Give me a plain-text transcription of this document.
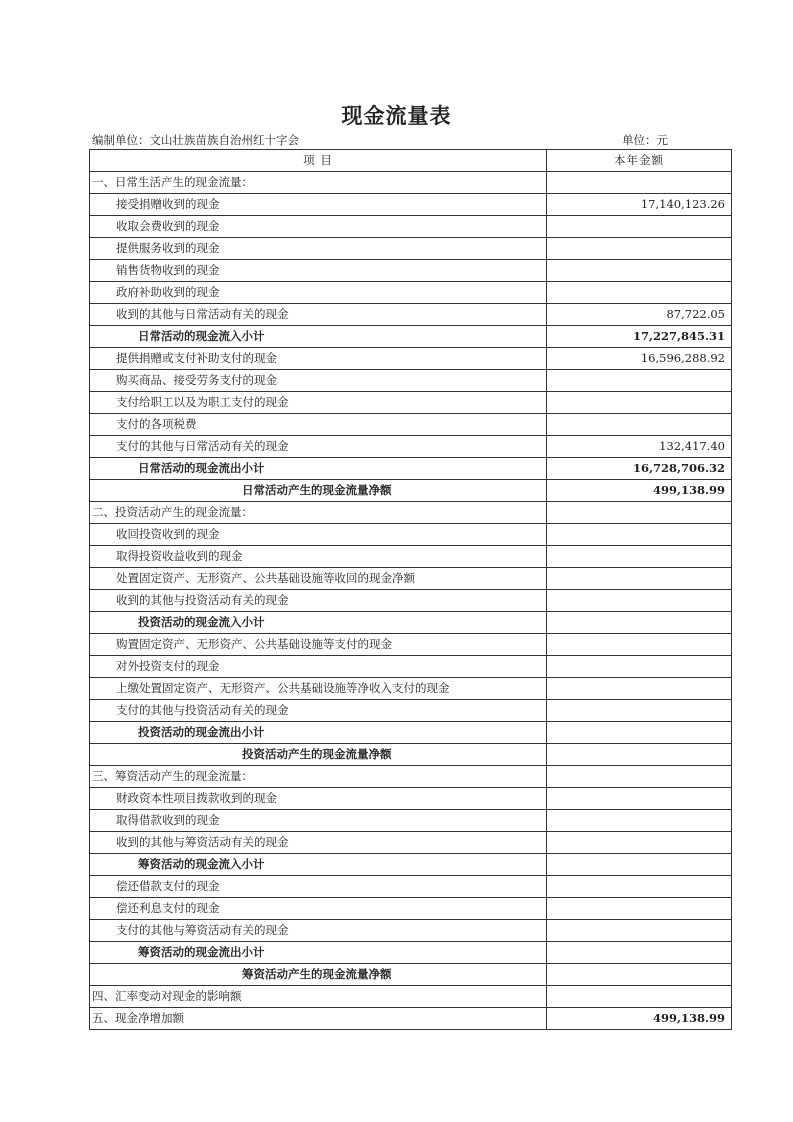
现金流量表
编制单位：文山壮族苗族自治州红十字会	单位：元
项 目	本年金额
一、日常生活产生的现金流量：	
接受捐赠收到的现金	17,140,123.26
收取会费收到的现金	
提供服务收到的现金	
销售货物收到的现金	
政府补助收到的现金	
收到的其他与日常活动有关的现金	87,722.05
日常活动的现金流入小计	17,227,845.31
提供捐赠或支付补助支付的现金	16,596,288.92
购买商品、接受劳务支付的现金	
支付给职工以及为职工支付的现金	
支付的各项税费	
支付的其他与日常活动有关的现金	132,417.40
日常活动的现金流出小计	16,728,706.32
日常活动产生的现金流量净额	499,138.99
二、投资活动产生的现金流量：	
收回投资收到的现金	
取得投资收益收到的现金	
处置固定资产、无形资产、公共基础设施等收回的现金净额	
收到的其他与投资活动有关的现金	
投资活动的现金流入小计	
购置固定资产、无形资产、公共基础设施等支付的现金	
对外投资支付的现金	
上缴处置固定资产、无形资产、公共基础设施等净收入支付的现金	
支付的其他与投资活动有关的现金	
投资活动的现金流出小计	
投资活动产生的现金流量净额	
三、筹资活动产生的现金流量：	
财政资本性项目拨款收到的现金	
取得借款收到的现金	
收到的其他与筹资活动有关的现金	
筹资活动的现金流入小计	
偿还借款支付的现金	
偿还利息支付的现金	
支付的其他与筹资活动有关的现金	
筹资活动的现金流出小计	
筹资活动产生的现金流量净额	
四、汇率变动对现金的影响额	
五、现金净增加额	499,138.99
